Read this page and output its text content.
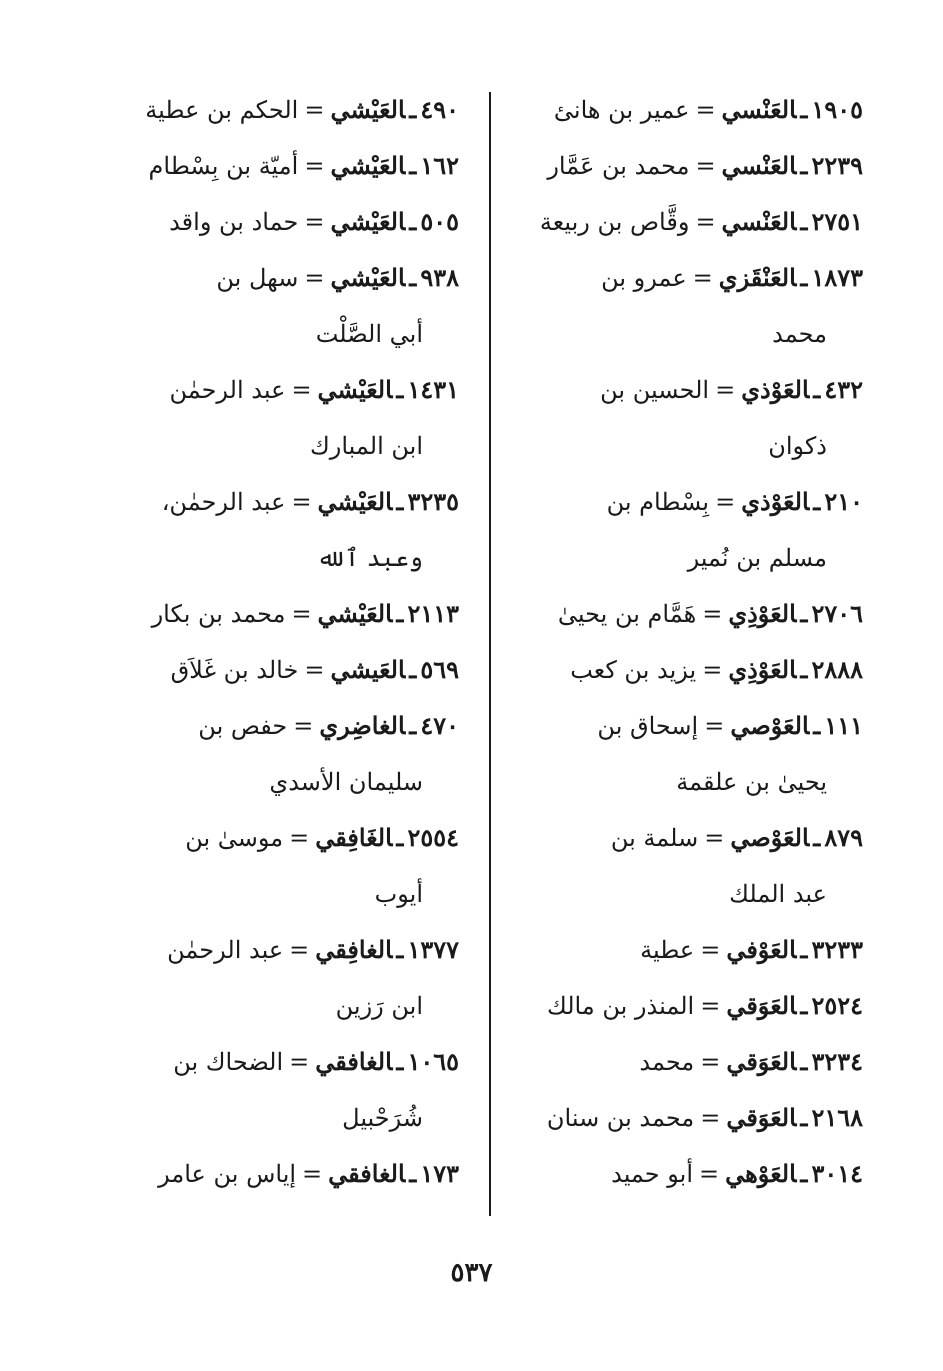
١٩٠٥ـالعَنْسي=عمير بن هانئ
٢٢٣٩ـالعَنْسي=محمد بن عَمَّار
٢٧٥١ـالعَنْسي=وقَّاص بن ربيعة
١٨٧٣ـالعَنْقَزي=عمرو بن
محمد
٤٣٢ـالعَوْذي=الحسين بن
ذكوان
٢١٠ـالعَوْذي=بِسْطام بن
مسلم بن نُمير
٢٧٠٦ـالعَوْذِي=هَمَّام بن يحيىٰ
٢٨٨٨ـالعَوْذِي=يزيد بن كعب
١١١ـالعَوْصي=إسحاق بن
يحيىٰ بن علقمة
٨٧٩ـالعَوْصي=سلمة بن
عبد الملك
٣٢٣٣ـالعَوْفي=عطية
٢٥٢٤ـالعَوَقي=المنذر بن مالك
٣٢٣٤ـالعَوَقي=محمد
٢١٦٨ـالعَوَقي=محمد بن سنان
٣٠١٤ـالعَوْهي=أبو حميد
٤٩٠ـالعَيْشي=الحكم بن عطية
١٦٢ـالعَيْشي=أميّة بن بِسْطام
٥٠٥ـالعَيْشي=حماد بن واقد
٩٣٨ـالعَيْشي=سهل بن
أبي الصَّلْت
١٤٣١ـالعَيْشي=عبد الرحمٰن
ابن المبارك
٣٢٣٥ـالعَيْشي=عبد الرحمٰن،
وعبد ٱلله
٢١١٣ـالعَيْشي=محمد بن بكار
٥٦٩ـالعَيشي=خالد بن غَلاَق
٤٧٠ـالغاضِري=حفص بن
سليمان الأسدي
٢٥٥٤ـالغَافِقي=موسىٰ بن
أيوب
١٣٧٧ـالغافِقي=عبد الرحمٰن
ابن رَزين
١٠٦٥ـالغافقي=الضحاك بن
شُرَحْبيل
١٧٣ـالغافقي=إياس بن عامر
٥٣٧
